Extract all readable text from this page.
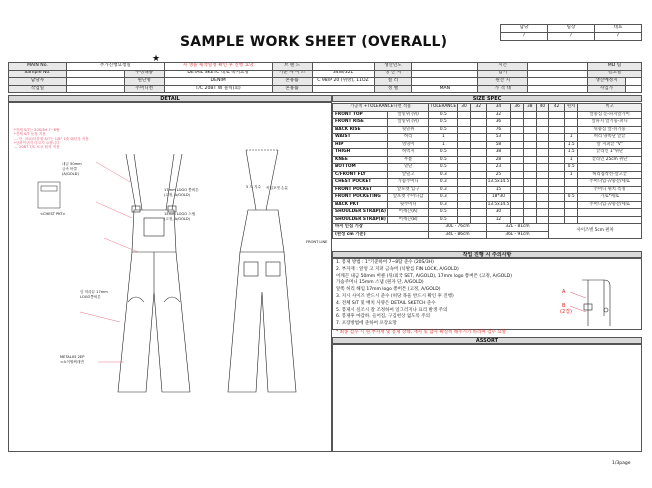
SAMPLE WORK SHEET (OVERALL)
★
담당	팀장	대표
/	/	/
MAIN No.	추가진행요청일		자 생플 제작일정 확인 후 진행 요망	브 랜 드		생산년도		시즌		MD 팀	
Sample No.		수정내용	DETAIL SKETC 대로 숙지요망	기준 사 이 즈	34W/32L	생 산 처		납기		결고일	
담당자		원단명	DENIM	혼용률	C 98/P 20 (위방), 11OZ	컬 러		원산 지		생산예정지	
작업일		주머니천	T/C 20BT W 블릭(회)	혼용률		성 별	MAN	가 격 대		사입가	
DETAIL	SIZE SPEC
*전체 S/T는 20S/3H 7~8땀
*전체 S/T 동정 적용
--- 단, 파워/더블원 S/T는 1/8" 1줄 패턴상 적용
*앞파이넨지 다르지 요합니다
--- 20BT T/C 포코 원척 적용
<CHEST PKT>
METALX5 2EP
<쇼이할찌대면
내금 50mm
금속 버클
(A/GOLD)
17mm LOGO 쫑버튼
(고정, A/GOLD)
15mm LOGO 스냅
(고정, A/GOLD)
앞 허리끝 17mm
LOGO쫑버튼
5 도 지수 작업포켓 손분
FRONT LINE
가공치 +TOLERANCE다면 적용		TOLERANCE	30	32	34	36	38	40	42	편차	비고
FRONT TOP	앞밑위 (위)	0.5			32						앞중심 문-파지앞가이
FRONT RISE	앞밑위 (위)	0.5			36						앞파지 앞기둥-퍼니
BACK RISE	뒷밑위	0.5			76						뒤중심 앞-뒤기둥
WAIST	허리	1			53					1	허리 양쪽단 앞끝
HIP	엉덩이	1			58					1.5	앞 지퍼끝 "V"
THIGH	허벅지	0.5			38					1.5	끝라인 1"위단
KNEE	무릎	0.5			28					1	끝라인 25cm 위단
BOTTOM	밑단	0.5			23					0.5	
C/FRONT FLY	앞덮고	0.3			25					1	허리접착선-앞고끝
CHEST POCKET	가슴주머니	0.3			13.5x14.5						주머니입구/중간/세로
FRONT POCKET	앞포켓 입구	0.3			15						주머니 위치 측정
FRONT POCKETING	앞포켓 주머니감	0.3			18*30					0.5	가로*세로
BACK PKT	뒷주머니	0.3			13.5x14.5						주머니입구/중간/세로
SHOULDER STRAP(A)	어깨끈(A)	0.5			30						
SHOULDER STRAP(B)	어깨끈(B)	0.5			12						
바지 인심 기장		30L - 76cm			32L - 81cm				사이즈별 5cm 편차		
(완성 cm 기준)		34L - 86cm			36L - 91cm						
작업 진행 시 주의사항
1. 봉제 방법 : 1"기준하여 7~8땀 준수 (20S/3H)
2. 부자재 : 앞엉 고 지퍼 금속버 (넉발를 FIN LOCK, A/GOLD)
어깨끈 내금 50mm 버클 (뒤/외국 SET, A/GOLD), 17mm logo 쫑버튼 (고정, A/GOLD)
가슴주머니 15mm 스냅 (원자 단, A/GOLD)
앞쪽 허리 해임 17mm logo 쫑버튼 (고정, A/GOLD)
3. 지시 사이즈 반드시 준수 (허당 목울 반드시 확인 후 진행)
4. 전체 S/T 및 배치 사양은 DETAIL SKETCH 준수
5. 봉제시 실조시 잘 조정하여 일그러지나 표리 발생 주의
6. 봉제후 마감하. 들어짐, 구김현상 없도록 주의
7. 포장방법에 준하여 포장요망
* 최종 검수 시 원.부자재 및 봉제 상태, 재사 및 합사 확실히 해주시기 바라며 검수 요망
A
B
(2겹)
ASSORT
1/3page
